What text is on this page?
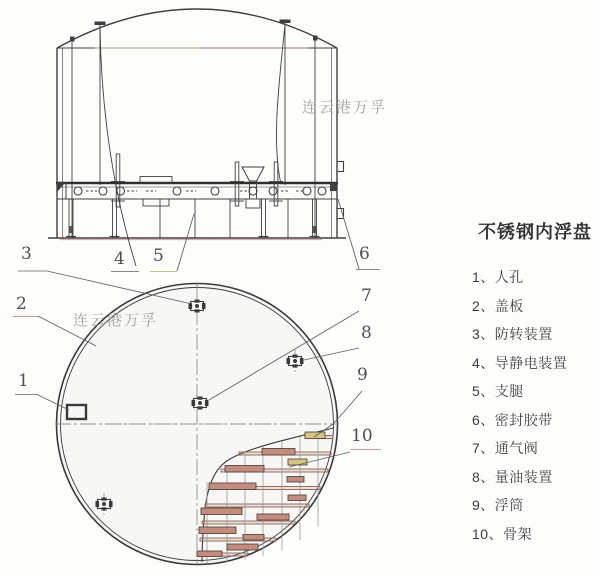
1
2
3	4 5	6
7
8
9
10
连云港万孚
连云港万孚
不锈钢内浮盘
1、人孔
2、盖板
3、防转装置
4、导静电装置
5、支腿
6、密封胶带
7、通气阀
8、量油装置
9、浮筒
10、骨架
